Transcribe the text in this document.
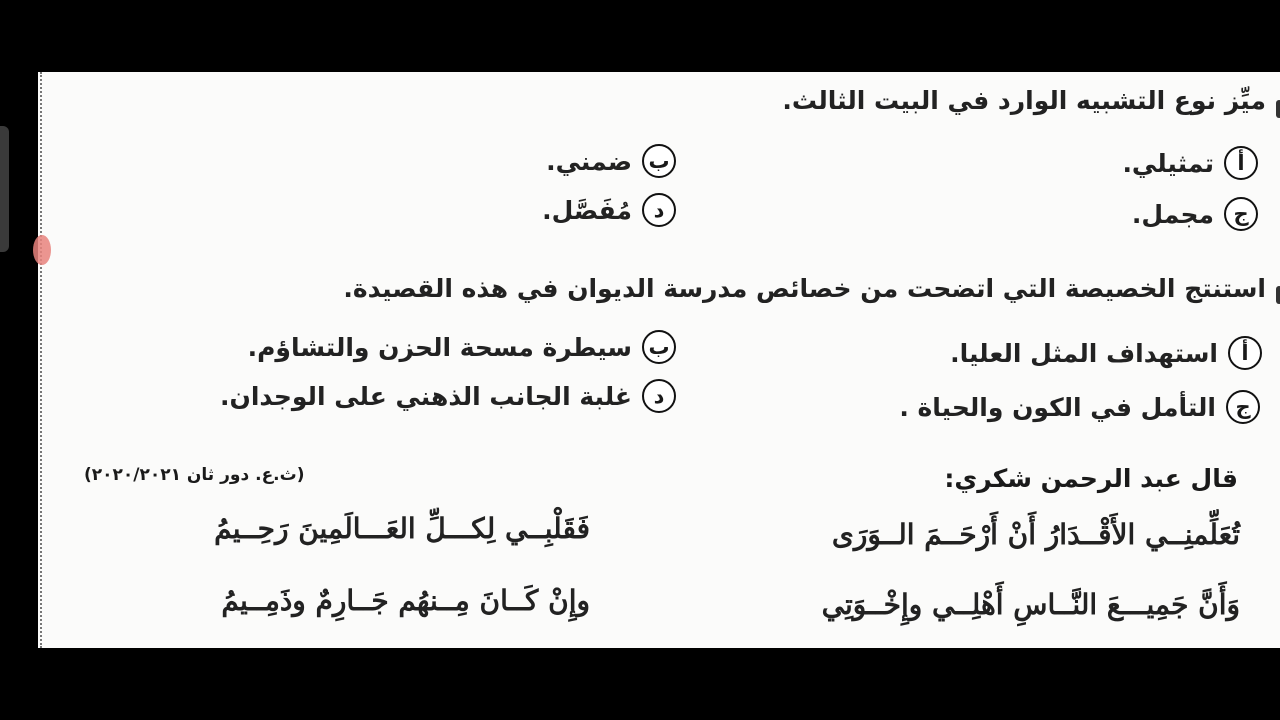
ميِّز نوع التشبيه الوارد في البيت الثالث.
أ
تمثيلي.
ب
ضمني.
ج
مجمل.
د
مُفَصَّل.
استنتج الخصيصة التي اتضحت من خصائص مدرسة الديوان في هذه القصيدة.
أ
استهداف المثل العليا.
ب
سيطرة مسحة الحزن والتشاؤم.
ج
التأمل في الكون والحياة .
د
غلبة الجانب الذهني على الوجدان.
(ث.ع. دور ثان ٢٠٢٠/٢٠٢١)	قال عبد الرحمن شكري:
تُعَلِّمنِــي الأَقْــدَارُ أَنْ أَرْحَــمَ الــوَرَى
فَقَلْبِــي لِكـــلِّ العَـــالَمِينَ رَحِــيمُ
وَأَنَّ جَمِيـــعَ النَّــاسِ أَهْلِــي وإِخْــوَتِي
وإِنْ كَــانَ مِــنهُم جَــارِمٌ وذَمِــيمُ
